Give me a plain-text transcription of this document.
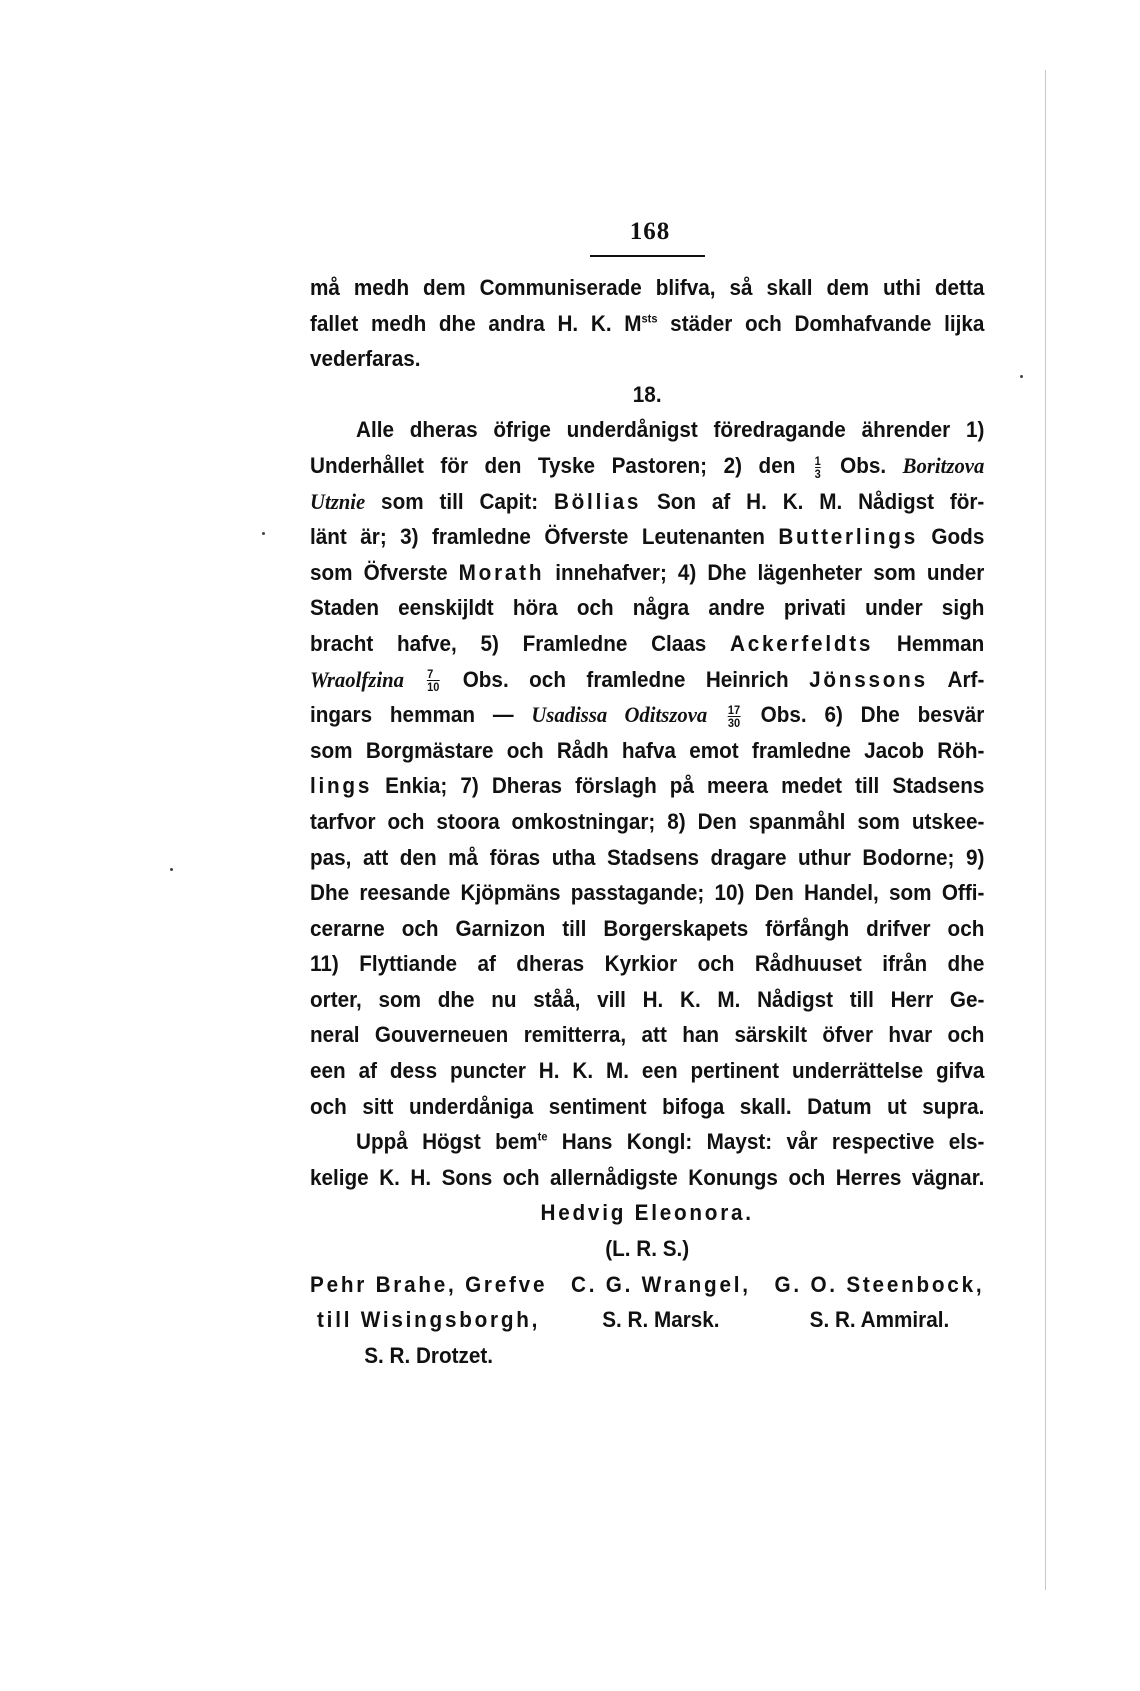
168
må medh dem Communiserade blifva, så skall dem uthi detta
fallet medh dhe andra H. K. $M^{sts}$ städer och Domhafvande lijka
vederfaras.
18.
Alle dheras öfrige underdånigst föredragande ährender 1)
Underhållet för den Tyske Pastoren; 2) den $\frac{1}{3}$ Obs. Boritzova
Utznie som till Capit: Böllias Son af H. K. M. Nådigst för-
länt är; 3) framledne Öfverste Leutenanten Butterlings Gods
som Öfverste Morath innehafver; 4) Dhe lägenheter som under
Staden eenskijldt höra och några andre privati under sigh
bracht hafve, 5) Framledne Claas Ackerfeldts Hemman
Wraolfzina $\frac{7}{10}$ Obs. och framledne Heinrich Jönssons Arf-
ingars hemman — Usadissa Oditszova $\frac{17}{30}$ Obs. 6) Dhe besvär
som Borgmästare och Rådh hafva emot framledne Jacob Röh-
lings Enkia; 7) Dheras förslagh på meera medet till Stadsens
tarfvor och stoora omkostningar; 8) Den spanmåhl som utskee-
pas, att den må föras utha Stadsens dragare uthur Bodorne; 9)
Dhe reesande Kjöpmäns passtagande; 10) Den Handel, som Offi-
cerarne och Garnizon till Borgerskapets förfångh drifver och
11) Flyttiande af dheras Kyrkior och Rådhuuset ifrån dhe
orter, som dhe nu ståå, vill H. K. M. Nådigst till Herr Ge-
neral Gouverneuen remitterra, att han särskilt öfver hvar och
een af dess puncter H. K. M. een pertinent underrättelse gifva
och sitt underdåniga sentiment bifoga skall. Datum ut supra.
Uppå Högst bem$^{te}$ Hans Kongl: Mayst: vår respective els-
kelige K. H. Sons och allernådigste Konungs och Herres vägnar.
Hedvig Eleonora.
(L. R. S.)
Pehr Brahe, Grefve
till Wisingsborgh,
S. R. Drotzet.
C. G. Wrangel,
S. R. Marsk.
G. O. Steenbock,
S. R. Ammiral.
